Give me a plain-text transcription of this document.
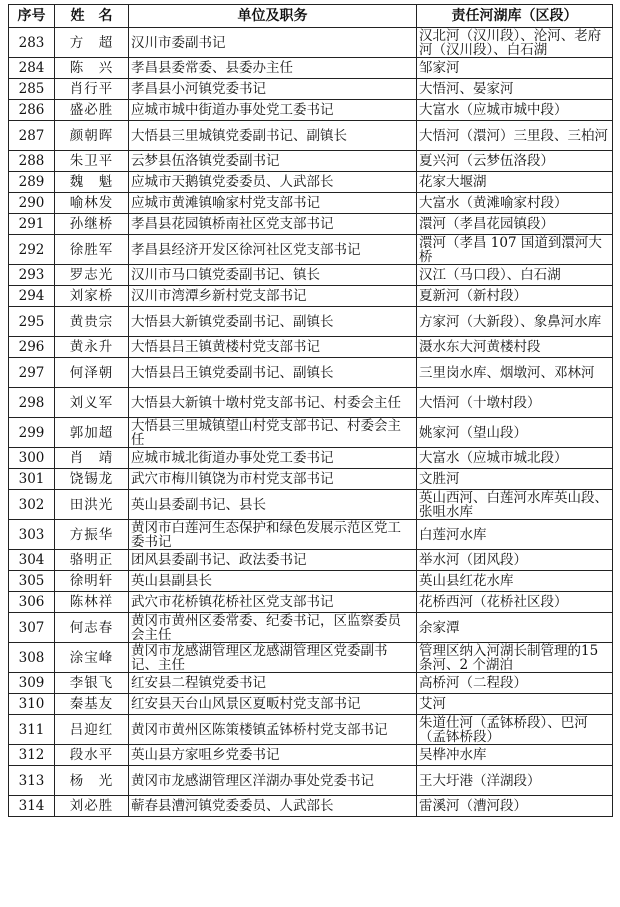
序号	姓　名	单位及职务	责任河湖库（区段）
283	方　超	汉川市委副书记	汉北河（汉川段）、沦河、老府河（汉川段）、白石湖
284	陈　兴	孝昌县委常委、县委办主任	邹家河
285	肖行平	孝昌县小河镇党委书记	大悟河、晏家河
286	盛必胜	应城市城中街道办事处党工委书记	大富水（应城市城中段）
287	颜朝晖	大悟县三里城镇党委副书记、副镇长	大悟河（澴河）三里段、三柏河
288	朱卫平	云梦县伍洛镇党委副书记	夏兴河（云梦伍洛段）
289	魏　魁	应城市天鹅镇党委委员、人武部长	花家大堰湖
290	喻林发	应城市黄滩镇喻家村党支部书记	大富水（黄滩喻家村段）
291	孙继桥	孝昌县花园镇桥南社区党支部书记	澴河（孝昌花园镇段）
292	徐胜军	孝昌县经济开发区徐河社区党支部书记	澴河（孝昌 107 国道到澴河大桥
293	罗志光	汉川市马口镇党委副书记、镇长	汉江（马口段）、白石湖
294	刘家桥	汉川市湾潭乡新村党支部书记	夏新河（新村段）
295	黄贵宗	大悟县大新镇党委副书记、副镇长	方家河（大新段）、象鼻河水库
296	黄永升	大悟县吕王镇黄楼村党支部书记	滠水东大河黄楼村段
297	何泽朝	大悟县吕王镇党委副书记、副镇长	三里岗水库、烟墩河、邓林河
298	刘义军	大悟县大新镇十墩村党支部书记、村委会主任	大悟河（十墩村段）
299	郭加超	大悟县三里城镇望山村党支部书记、村委会主任	姚家河（望山段）
300	肖　靖	应城市城北街道办事处党工委书记	大富水（应城市城北段）
301	饶锡龙	武穴市梅川镇饶为市村党支部书记	文胜河
302	田洪光	英山县委副书记、县长	英山西河、白莲河水库英山段、张咀水库
303	方振华	黄冈市白莲河生态保护和绿色发展示范区党工委书记	白莲河水库
304	骆明正	团风县委副书记、政法委书记	举水河（团风段）
305	徐明轩	英山县副县长	英山县红花水库
306	陈林祥	武穴市花桥镇花桥社区党支部书记	花桥西河（花桥社区段）
307	何志春	黄冈市黄州区委常委、纪委书记，区监察委员会主任	余家潭
308	涂宝峰	黄冈市龙感湖管理区龙感湖管理区党委副书记、主任	管理区纳入河湖长制管理的15 条河、2 个湖泊
309	李银飞	红安县二程镇党委书记	高桥河（二程段）
310	秦基友	红安县天台山风景区夏畈村党支部书记	艾河
311	吕迎红	黄冈市黄州区陈策楼镇孟钵桥村党支部书记	朱道仕河（孟钵桥段）、巴河（孟钵桥段）
312	段水平	英山县方家咀乡党委书记	吴桦冲水库
313	杨　光	黄冈市龙感湖管理区洋湖办事处党委书记	王大圩港（洋湖段）
314	刘必胜	蕲春县漕河镇党委委员、人武部长	雷溪河（漕河段）
